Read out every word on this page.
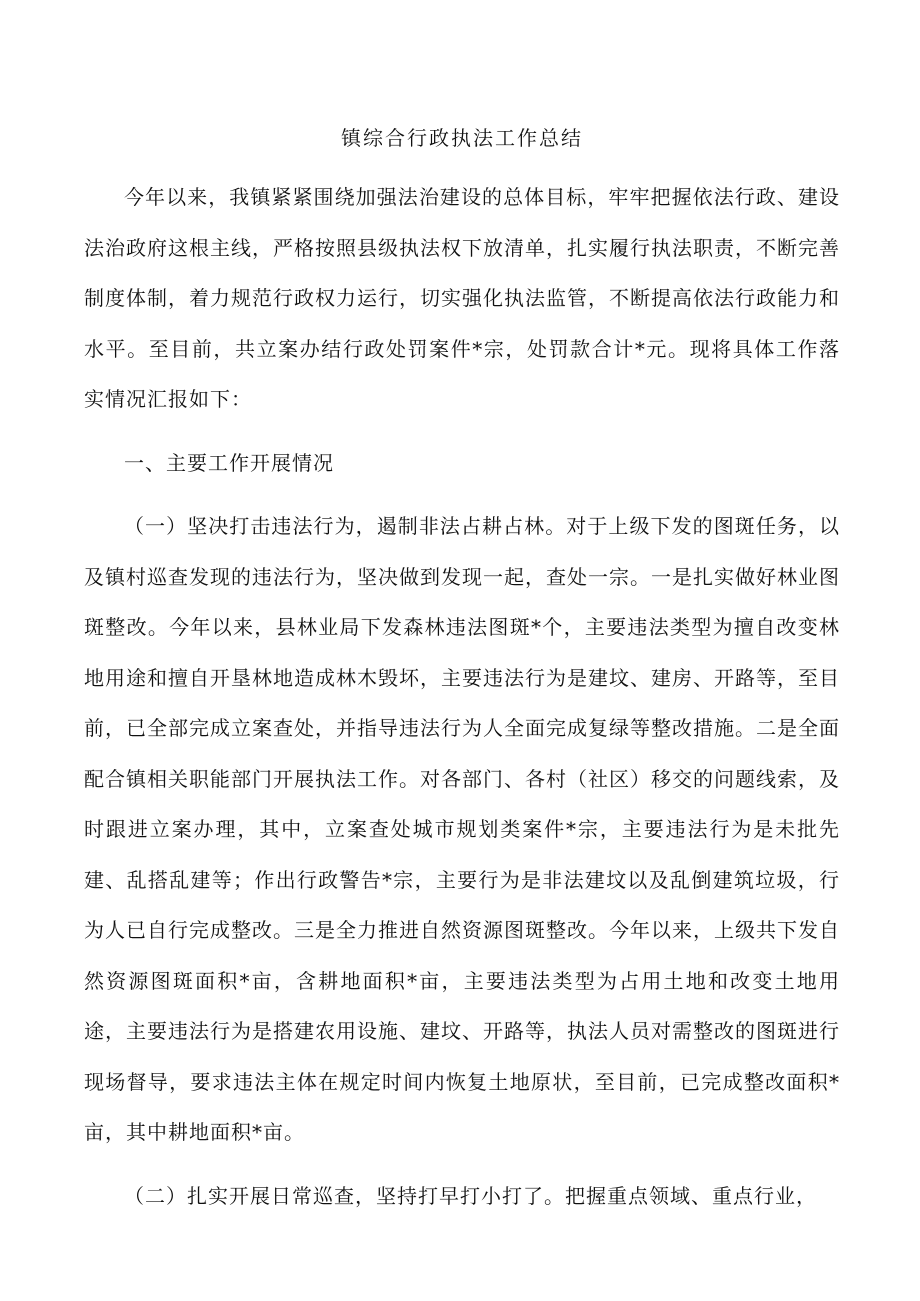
镇综合行政执法工作总结

今年以来，我镇紧紧围绕加强法治建设的总体目标，牢牢把握依法行政、建设法治政府这根主线，严格按照县级执法权下放清单，扎实履行执法职责，不断完善制度体制，着力规范行政权力运行，切实强化执法监管，不断提高依法行政能力和水平。至目前，共立案办结行政处罚案件*宗，处罚款合计*元。现将具体工作落实情况汇报如下：

一、主要工作开展情况

（一）坚决打击违法行为，遏制非法占耕占林。对于上级下发的图斑任务，以及镇村巡查发现的违法行为，坚决做到发现一起，查处一宗。一是扎实做好林业图斑整改。今年以来，县林业局下发森林违法图斑*个，主要违法类型为擅自改变林地用途和擅自开垦林地造成林木毁坏，主要违法行为是建坟、建房、开路等，至目前，已全部完成立案查处，并指导违法行为人全面完成复绿等整改措施。二是全面配合镇相关职能部门开展执法工作。对各部门、各村（社区）移交的问题线索，及时跟进立案办理，其中，立案查处城市规划类案件*宗，主要违法行为是未批先建、乱搭乱建等；作出行政警告*宗，主要行为是非法建坟以及乱倒建筑垃圾，行为人已自行完成整改。三是全力推进自然资源图斑整改。今年以来，上级共下发自然资源图斑面积*亩，含耕地面积*亩，主要违法类型为占用土地和改变土地用途，主要违法行为是搭建农用设施、建坟、开路等，执法人员对需整改的图斑进行现场督导，要求违法主体在规定时间内恢复土地原状，至目前，已完成整改面积*亩，其中耕地面积*亩。

（二）扎实开展日常巡查，坚持打早打小打了。把握重点领域、重点行业，
